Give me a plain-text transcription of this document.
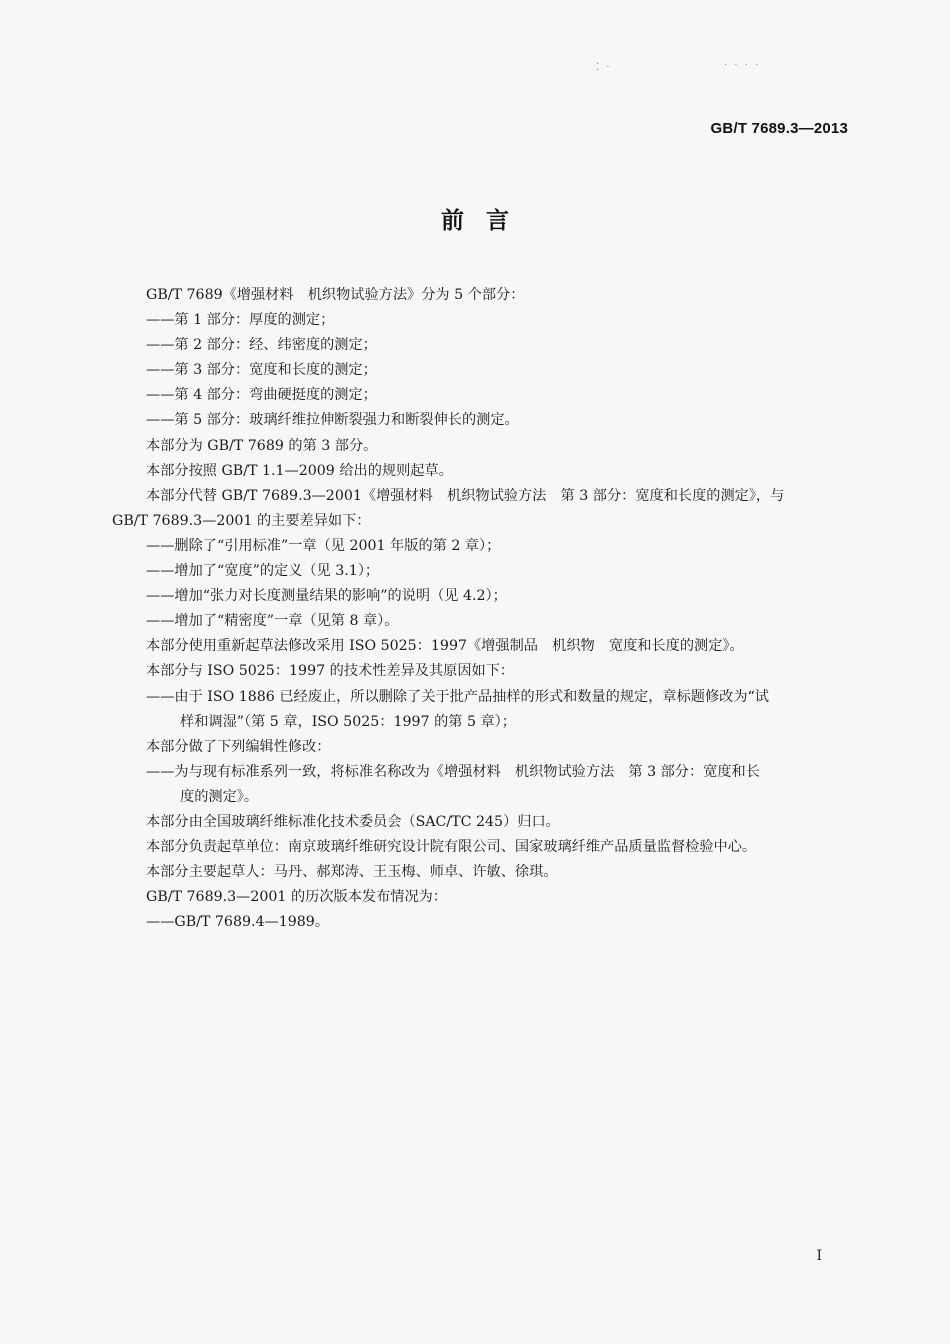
⁚ ·	· · · ·
GB/T 7689.3—2013
前言

GB/T 7689《增强材料　机织物试验方法》分为 5 个部分：

——第 1 部分：厚度的测定；

——第 2 部分：经、纬密度的测定；

——第 3 部分：宽度和长度的测定；

——第 4 部分：弯曲硬挺度的测定；

——第 5 部分：玻璃纤维拉伸断裂强力和断裂伸长的测定。

本部分为 GB/T 7689 的第 3 部分。

本部分按照 GB/T 1.1—2009 给出的规则起草。

本部分代替 GB/T 7689.3—2001《增强材料　机织物试验方法　第 3 部分：宽度和长度的测定》，与

GB/T 7689.3—2001 的主要差异如下：

——删除了“引用标准”一章（见 2001 年版的第 2 章）；

——增加了“宽度”的定义（见 3.1）；

——增加“张力对长度测量结果的影响”的说明（见 4.2）；

——增加了“精密度”一章（见第 8 章）。

本部分使用重新起草法修改采用 ISO 5025：1997《增强制品　机织物　宽度和长度的测定》。

本部分与 ISO 5025：1997 的技术性差异及其原因如下：

——由于 ISO 1886 已经废止，所以删除了关于批产品抽样的形式和数量的规定，章标题修改为“试

样和调湿”（第 5 章，ISO 5025：1997 的第 5 章）；

本部分做了下列编辑性修改：

——为与现有标准系列一致，将标准名称改为《增强材料　机织物试验方法　第 3 部分：宽度和长

度的测定》。

本部分由全国玻璃纤维标准化技术委员会（SAC/TC 245）归口。

本部分负责起草单位：南京玻璃纤维研究设计院有限公司、国家玻璃纤维产品质量监督检验中心。

本部分主要起草人：马丹、郝郑涛、王玉梅、师卓、许敏、徐琪。

GB/T 7689.3—2001 的历次版本发布情况为：

——GB/T 7689.4—1989。

I
